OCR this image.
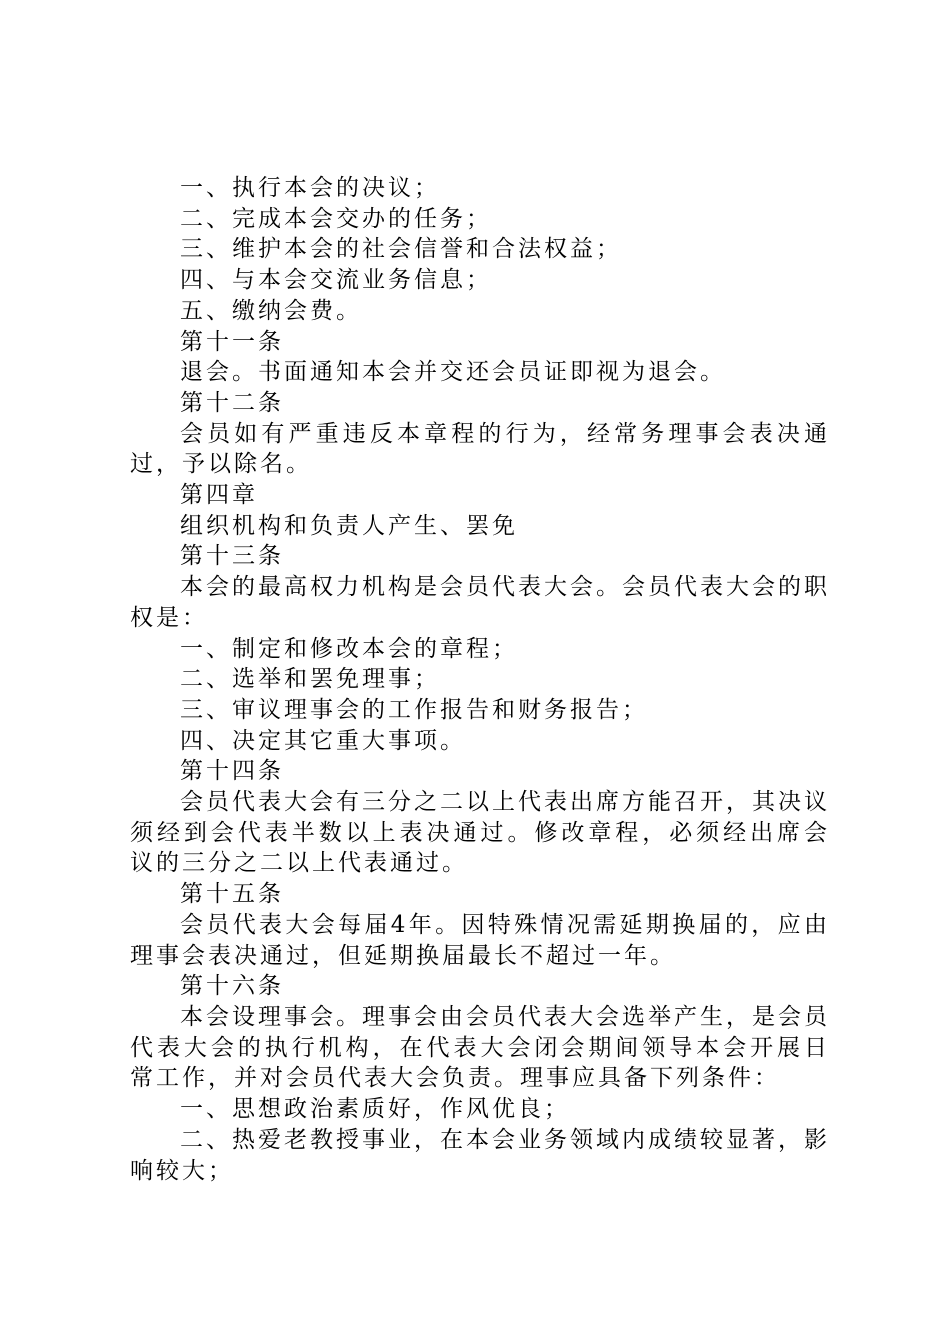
一、执行本会的决议；

二、完成本会交办的任务；

三、维护本会的社会信誉和合法权益；

四、与本会交流业务信息；

五、缴纳会费。

第十一条

退会。书面通知本会并交还会员证即视为退会。

第十二条

会员如有严重违反本章程的行为，经常务理事会表决通过，予以除名。

第四章

组织机构和负责人产生、罢免

第十三条

本会的最高权力机构是会员代表大会。会员代表大会的职权是：

一、制定和修改本会的章程；

二、选举和罢免理事；

三、审议理事会的工作报告和财务报告；

四、决定其它重大事项。

第十四条

会员代表大会有三分之二以上代表出席方能召开，其决议须经到会代表半数以上表决通过。修改章程，必须经出席会议的三分之二以上代表通过。

第十五条

会员代表大会每届4年。因特殊情况需延期换届的，应由理事会表决通过，但延期换届最长不超过一年。

第十六条

本会设理事会。理事会由会员代表大会选举产生，是会员代表大会的执行机构，在代表大会闭会期间领导本会开展日常工作，并对会员代表大会负责。理事应具备下列条件：

一、思想政治素质好，作风优良；

二、热爱老教授事业，在本会业务领域内成绩较显著，影响较大；
